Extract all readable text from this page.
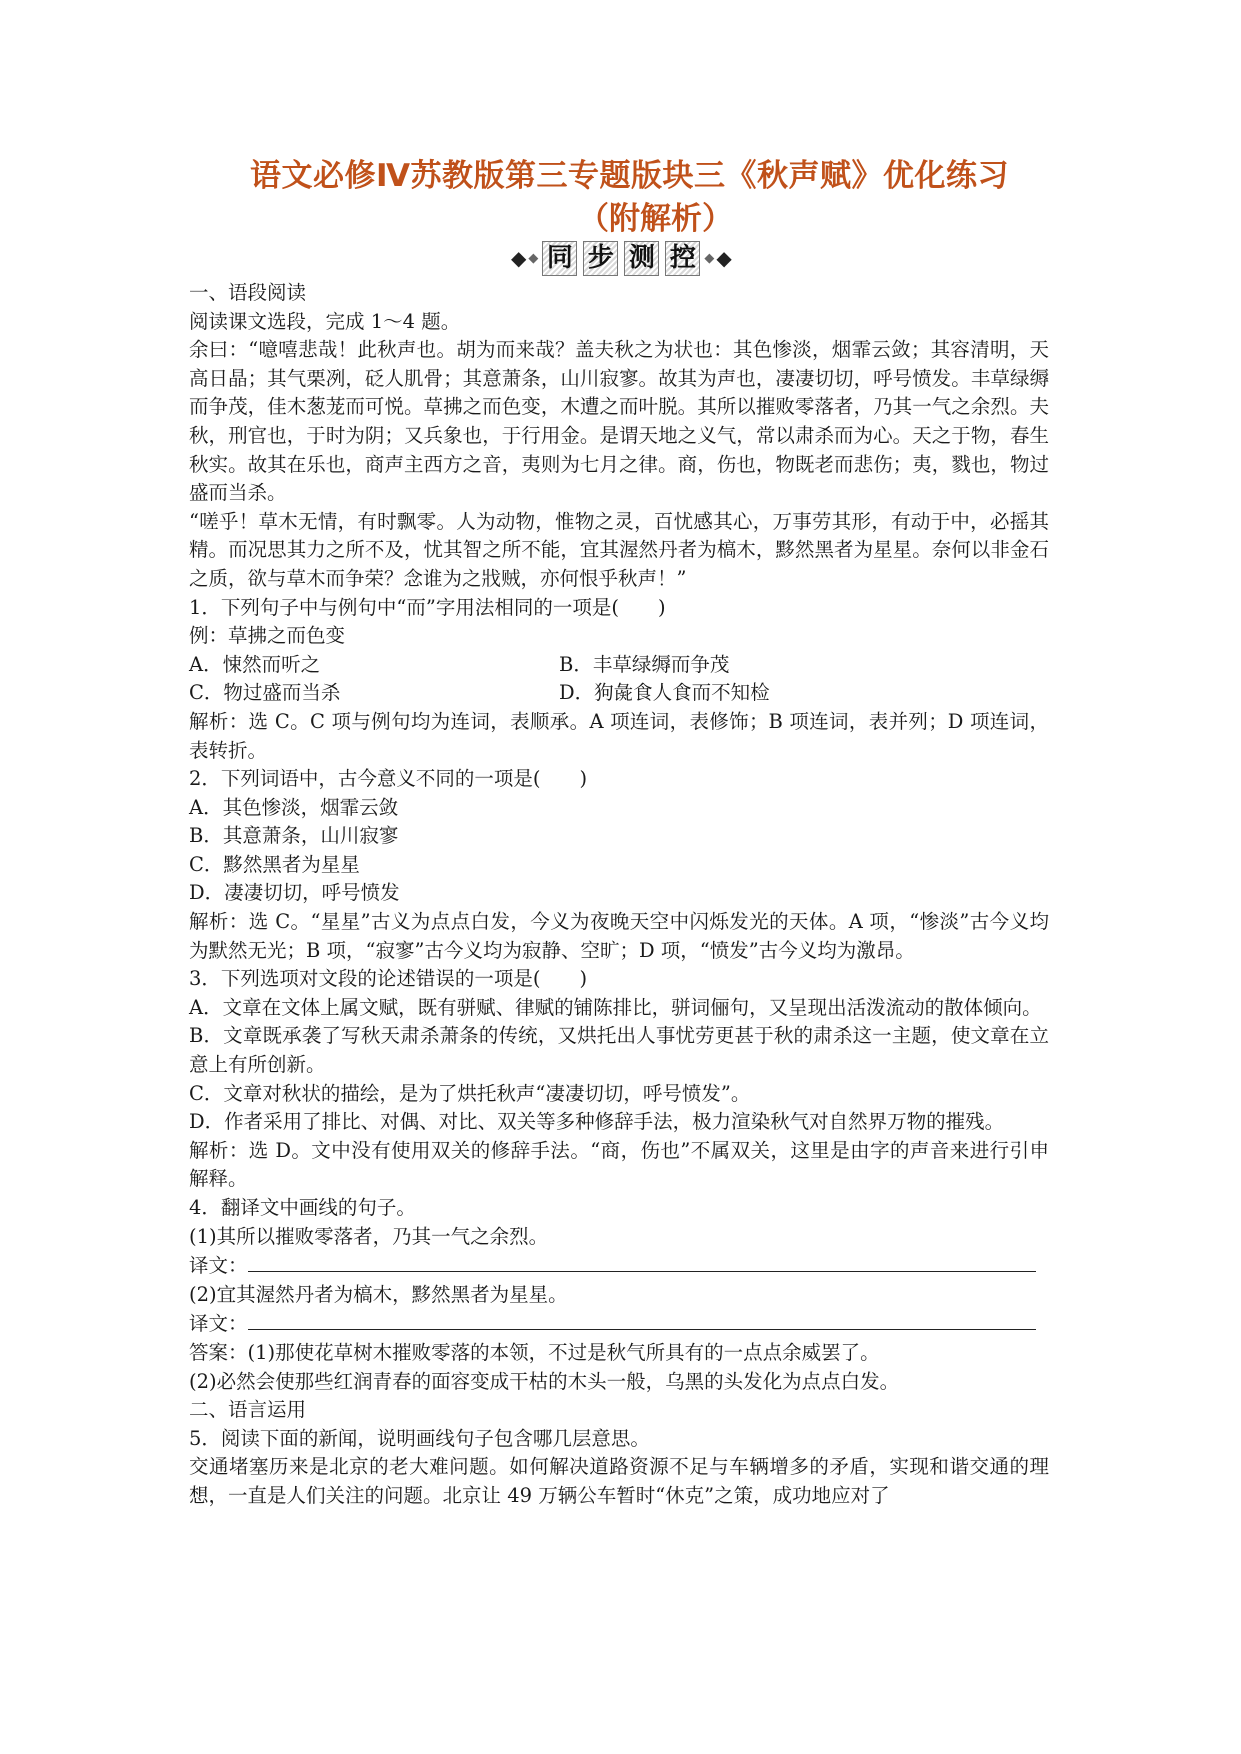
语文必修Ⅳ苏教版第三专题版块三《秋声赋》优化练习
（附解析）
◆ ◆ 同 步 测 控 ◆ ◆

一、语段阅读

阅读课文选段，完成 1～4 题。

余曰：“噫嘻悲哉！此秋声也。胡为而来哉？盖夫秋之为状也：其色惨淡，烟霏云敛；其容清明，天高日晶；其气栗冽，砭人肌骨；其意萧条，山川寂寥。故其为声也，凄凄切切，呼号愤发。丰草绿缛而争茂，佳木葱茏而可悦。草拂之而色变，木遭之而叶脱。其所以摧败零落者，乃其一气之余烈。夫秋，刑官也，于时为阴；又兵象也，于行用金。是谓天地之义气，常以肃杀而为心。天之于物，春生秋实。故其在乐也，商声主西方之音，夷则为七月之律。商，伤也，物既老而悲伤；夷，戮也，物过盛而当杀。

“嗟乎！草木无情，有时飘零。人为动物，惟物之灵，百忧感其心，万事劳其形，有动于中，必摇其精。而况思其力之所不及，忧其智之所不能，宜其渥然丹者为槁木，黟然黑者为星星。奈何以非金石之质，欲与草木而争荣？念谁为之戕贼，亦何恨乎秋声！”

1．下列句子中与例句中“而”字用法相同的一项是(　　)

例：草拂之而色变

A．悚然而听之	B．丰草绿缛而争茂
C．物过盛而当杀	D．狗彘食人食而不知检

解析：选 C。C 项与例句均为连词，表顺承。A 项连词，表修饰；B 项连词，表并列；D 项连词，表转折。

2．下列词语中，古今意义不同的一项是(　　)

A．其色惨淡，烟霏云敛

B．其意萧条，山川寂寥

C．黟然黑者为星星

D．凄凄切切，呼号愤发

解析：选 C。“星星”古义为点点白发，今义为夜晚天空中闪烁发光的天体。A 项，“惨淡”古今义均为默然无光；B 项，“寂寥”古今义均为寂静、空旷；D 项，“愤发”古今义均为激昂。

3．下列选项对文段的论述错误的一项是(　　)

A．文章在文体上属文赋，既有骈赋、律赋的铺陈排比，骈词俪句，又呈现出活泼流动的散体倾向。

B．文章既承袭了写秋天肃杀萧条的传统，又烘托出人事忧劳更甚于秋的肃杀这一主题，使文章在立意上有所创新。

C．文章对秋状的描绘，是为了烘托秋声“凄凄切切，呼号愤发”。

D．作者采用了排比、对偶、对比、双关等多种修辞手法，极力渲染秋气对自然界万物的摧残。

解析：选 D。文中没有使用双关的修辞手法。“商，伤也”不属双关，这里是由字的声音来进行引申解释。

4．翻译文中画线的句子。

(1)其所以摧败零落者，乃其一气之余烈。

译文：

(2)宜其渥然丹者为槁木，黟然黑者为星星。

译文：

答案：(1)那使花草树木摧败零落的本领，不过是秋气所具有的一点点余威罢了。

(2)必然会使那些红润青春的面容变成干枯的木头一般，乌黑的头发化为点点白发。

二、语言运用

5．阅读下面的新闻，说明画线句子包含哪几层意思。

交通堵塞历来是北京的老大难问题。如何解决道路资源不足与车辆增多的矛盾，实现和谐交通的理想，一直是人们关注的问题。北京让 49 万辆公车暂时“休克”之策，成功地应对了
